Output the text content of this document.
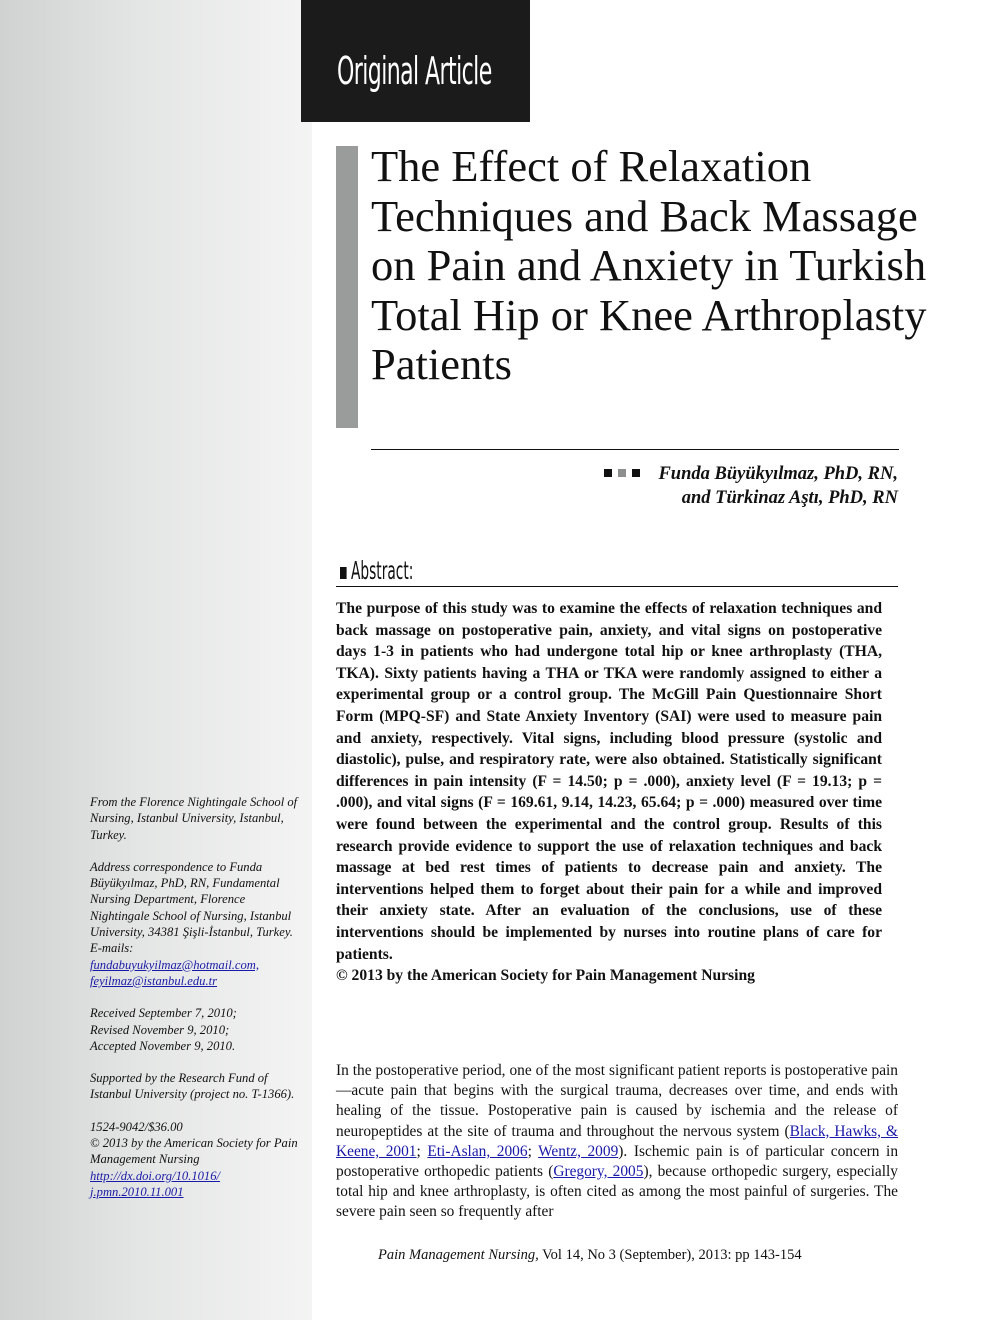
Original Article
The Effect of Relaxation Techniques and Back Massage on Pain and Anxiety in Turkish Total Hip or Knee Arthroplasty Patients

Funda Büyükyılmaz, PhD, RN,

and Türkinaz Aştı, PhD, RN

Abstract:

The purpose of this study was to examine the effects of relaxation techniques and back massage on postoperative pain, anxiety, and vital signs on postoperative days 1-3 in patients who had undergone total hip or knee arthroplasty (THA, TKA). Sixty patients having a THA or TKA were randomly assigned to either a experimental group or a control group. The McGill Pain Questionnaire Short Form (MPQ-SF) and State Anxiety Inventory (SAI) were used to measure pain and anxiety, respectively. Vital signs, including blood pressure (systolic and diastolic), pulse, and respiratory rate, were also obtained. Statistically significant differences in pain intensity (F = 14.50; p = .000), anxiety level (F = 19.13; p = .000), and vital signs (F = 169.61, 9.14, 14.23, 65.64; p = .000) measured over time were found between the experimental and the control group. Results of this research provide evidence to support the use of relaxation techniques and back massage at bed rest times of patients to decrease pain and anxiety. The interventions helped them to forget about their pain for a while and improved their anxiety state. After an evaluation of the conclusions, use of these interventions should be implemented by nurses into routine plans of care for patients.
© 2013 by the American Society for Pain Management Nursing

From the Florence Nightingale School of Nursing, Istanbul University, Istanbul, Turkey.

Address correspondence to Funda Büyükyılmaz, PhD, RN, Fundamental Nursing Department, Florence Nightingale School of Nursing, Istanbul University, 34381 Şişli-İstanbul, Turkey. E-mails:
fundabuyukyilmaz@hotmail.com,
feyilmaz@istanbul.edu.tr

Received September 7, 2010;
Revised November 9, 2010;
Accepted November 9, 2010.

Supported by the Research Fund of Istanbul University (project no. T-1366).

1524-9042/$36.00
© 2013 by the American Society for Pain Management Nursing
http://dx.doi.org/10.1016/
j.pmn.2010.11.001

In the postoperative period, one of the most significant patient reports is postoperative pain—acute pain that begins with the surgical trauma, decreases over time, and ends with healing of the tissue. Postoperative pain is caused by ischemia and the release of neuropeptides at the site of trauma and throughout the nervous system (Black, Hawks, & Keene, 2001; Eti-Aslan, 2006; Wentz, 2009). Ischemic pain is of particular concern in postoperative orthopedic patients (Gregory, 2005), because orthopedic surgery, especially total hip and knee arthroplasty, is often cited as among the most painful of surgeries. The severe pain seen so frequently after

Pain Management Nursing, Vol 14, No 3 (September), 2013: pp 143-154
